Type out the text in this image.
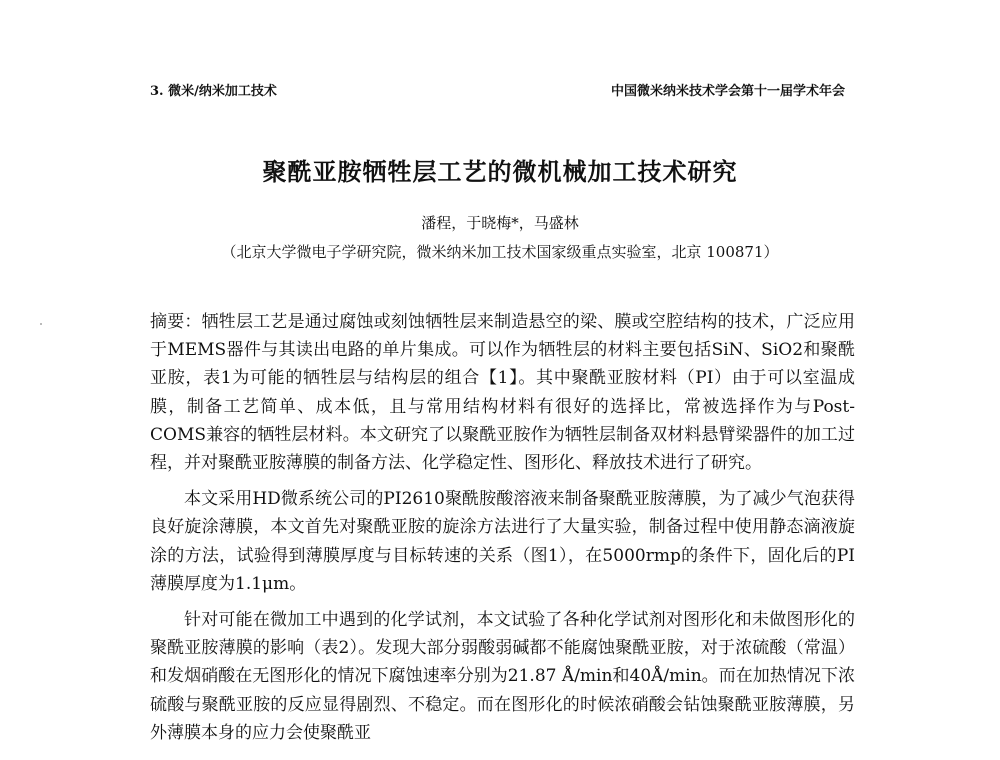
3. 微米/纳米加工技术	中国微米纳米技术学会第十一届学术年会
聚酰亚胺牺牲层工艺的微机械加工技术研究
潘程，于晓梅*，马盛林
（北京大学微电子学研究院，微米纳米加工技术国家级重点实验室，北京 100871）

摘要：牺牲层工艺是通过腐蚀或刻蚀牺牲层来制造悬空的梁、膜或空腔结构的技术，广泛应用于MEMS器件与其读出电路的单片集成。可以作为牺牲层的材料主要包括SiN、SiO2和聚酰亚胺，表1为可能的牺牲层与结构层的组合【1】。其中聚酰亚胺材料（PI）由于可以室温成膜，制备工艺简单、成本低，且与常用结构材料有很好的选择比，常被选择作为与Post-COMS兼容的牺牲层材料。本文研究了以聚酰亚胺作为牺牲层制备双材料悬臂梁器件的加工过程，并对聚酰亚胺薄膜的制备方法、化学稳定性、图形化、释放技术进行了研究。

本文采用HD微系统公司的PI2610聚酰胺酸溶液来制备聚酰亚胺薄膜，为了减少气泡获得良好旋涂薄膜，本文首先对聚酰亚胺的旋涂方法进行了大量实验，制备过程中使用静态滴液旋涂的方法，试验得到薄膜厚度与目标转速的关系（图1），在5000rmp的条件下，固化后的PI薄膜厚度为1.1μm。

针对可能在微加工中遇到的化学试剂，本文试验了各种化学试剂对图形化和未做图形化的聚酰亚胺薄膜的影响（表2）。发现大部分弱酸弱碱都不能腐蚀聚酰亚胺，对于浓硫酸（常温）和发烟硝酸在无图形化的情况下腐蚀速率分别为21.87 Å/min和40Å/min。而在加热情况下浓硫酸与聚酰亚胺的反应显得剧烈、不稳定。而在图形化的时候浓硝酸会钻蚀聚酰亚胺薄膜，另外薄膜本身的应力会使聚酰亚
